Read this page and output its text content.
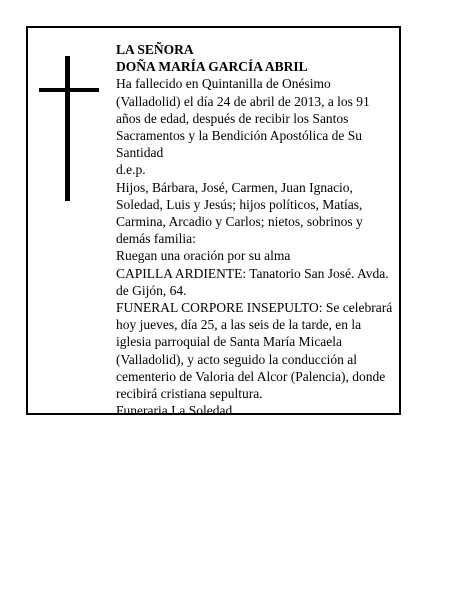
LA SEÑORA

DOÑA MARÍA GARCÍA ABRIL

Ha fallecido en Quintanilla de Onésimo (Valladolid) el día 24 de abril de 2013, a los 91 años de edad, después de recibir los Santos Sacramentos y la Bendición Apostólica de Su Santidad

d.e.p.

Hijos, Bárbara, José, Carmen, Juan Ignacio, Soledad, Luis y Jesús; hijos políticos, Matías, Carmina, Arcadio y Carlos; nietos, sobrinos y demás familia:

Ruegan una oración por su alma

CAPILLA ARDIENTE: Tanatorio San José. Avda. de Gijón, 64.

FUNERAL CORPORE INSEPULTO: Se celebrará hoy jueves, día 25, a las seis de la tarde, en la iglesia parroquial de Santa María Micaela (Valladolid), y acto seguido la conducción al cementerio de Valoria del Alcor (Palencia), donde recibirá cristiana sepultura.

Funeraria La Soledad
